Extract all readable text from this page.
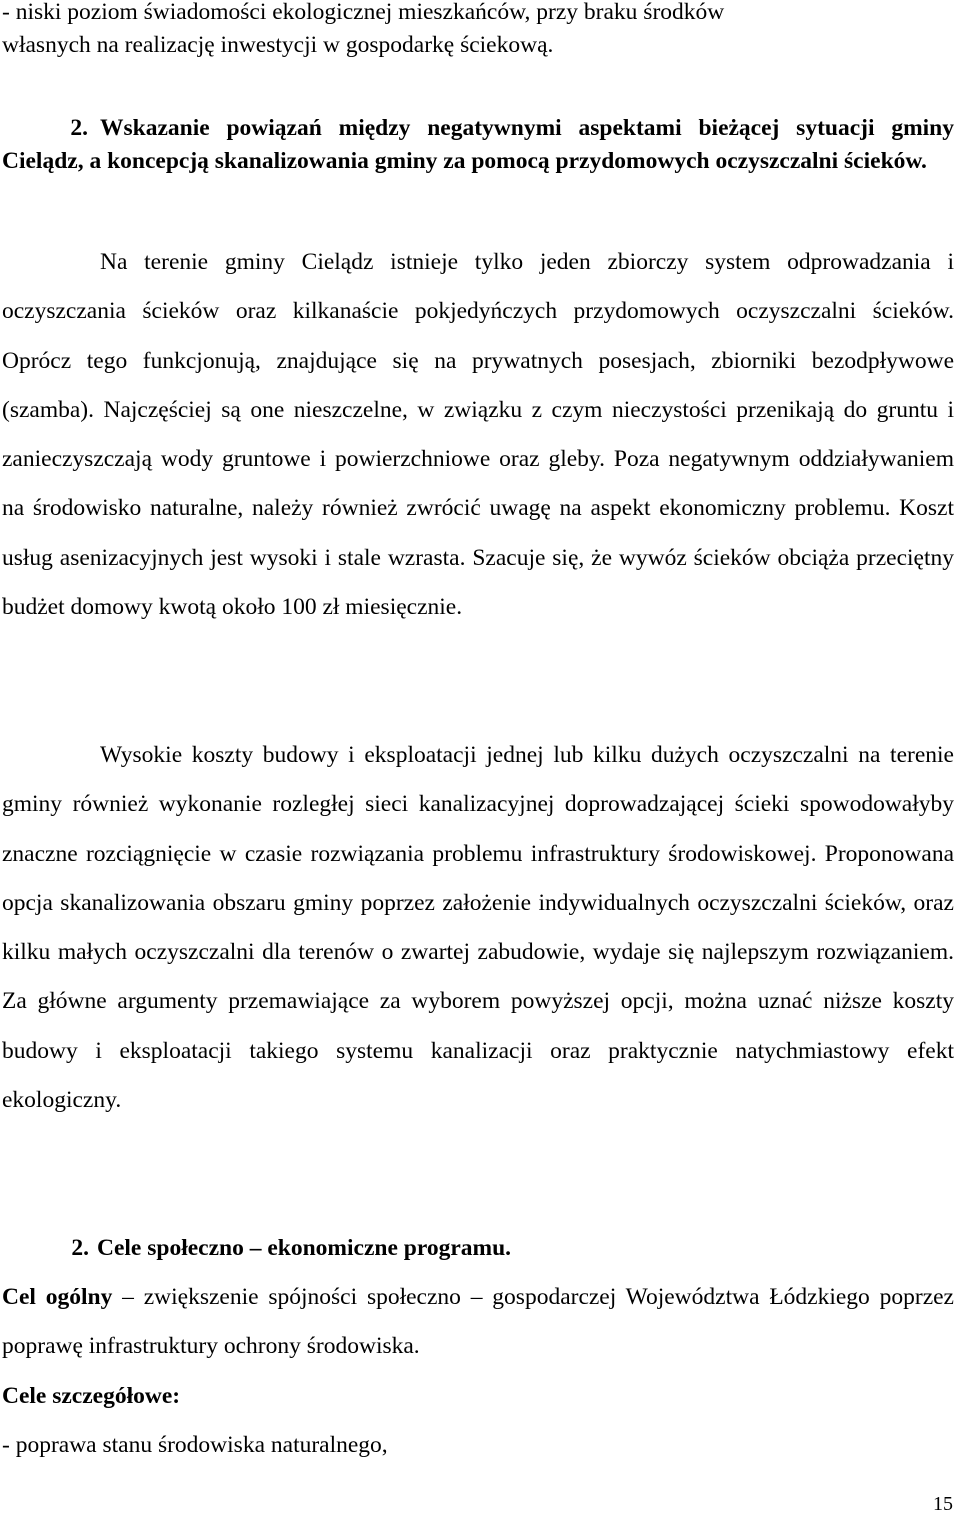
- niski poziom świadomości ekologicznej mieszkańców, przy braku środków
własnych na realizację inwestycji w gospodarkę ściekową.
2. Wskazanie powiązań między negatywnymi aspektami bieżącej sytuacji gminy Cielądz, a koncepcją skanalizowania gminy za pomocą przydomowych oczyszczalni ścieków.
Na terenie gminy Cielądz istnieje tylko jeden zbiorczy system odprowadzania i oczyszczania ścieków oraz kilkanaście pokjedyńczych przydomowych oczyszczalni ścieków. Oprócz tego funkcjonują, znajdujące się na prywatnych posesjach, zbiorniki bezodpływowe (szamba). Najczęściej są one nieszczelne, w związku z czym nieczystości przenikają do gruntu i zanieczyszczają wody gruntowe i powierzchniowe oraz gleby. Poza negatywnym oddziaływaniem na środowisko naturalne, należy również zwrócić uwagę na aspekt ekonomiczny problemu. Koszt usług asenizacyjnych jest wysoki i stale wzrasta. Szacuje się, że wywóz ścieków obciąża przeciętny budżet domowy kwotą około 100 zł miesięcznie.
Wysokie koszty budowy i eksploatacji jednej lub kilku dużych oczyszczalni na terenie gminy również wykonanie rozległej sieci kanalizacyjnej doprowadzającej ścieki spowodowałyby znaczne rozciągnięcie w czasie rozwiązania problemu infrastruktury środowiskowej. Proponowana opcja skanalizowania obszaru gminy poprzez założenie indywidualnych oczyszczalni ścieków, oraz kilku małych oczyszczalni dla terenów o zwartej zabudowie, wydaje się najlepszym rozwiązaniem. Za główne argumenty przemawiające za wyborem powyższej opcji, można uznać niższe koszty budowy i eksploatacji takiego systemu kanalizacji oraz praktycznie natychmiastowy efekt ekologiczny.
2. Cele społeczno – ekonomiczne programu.
Cel ogólny – zwiększenie spójności społeczno – gospodarczej Województwa Łódzkiego poprzez poprawę infrastruktury ochrony środowiska.
Cele szczegółowe:
- poprawa stanu środowiska naturalnego,
15
